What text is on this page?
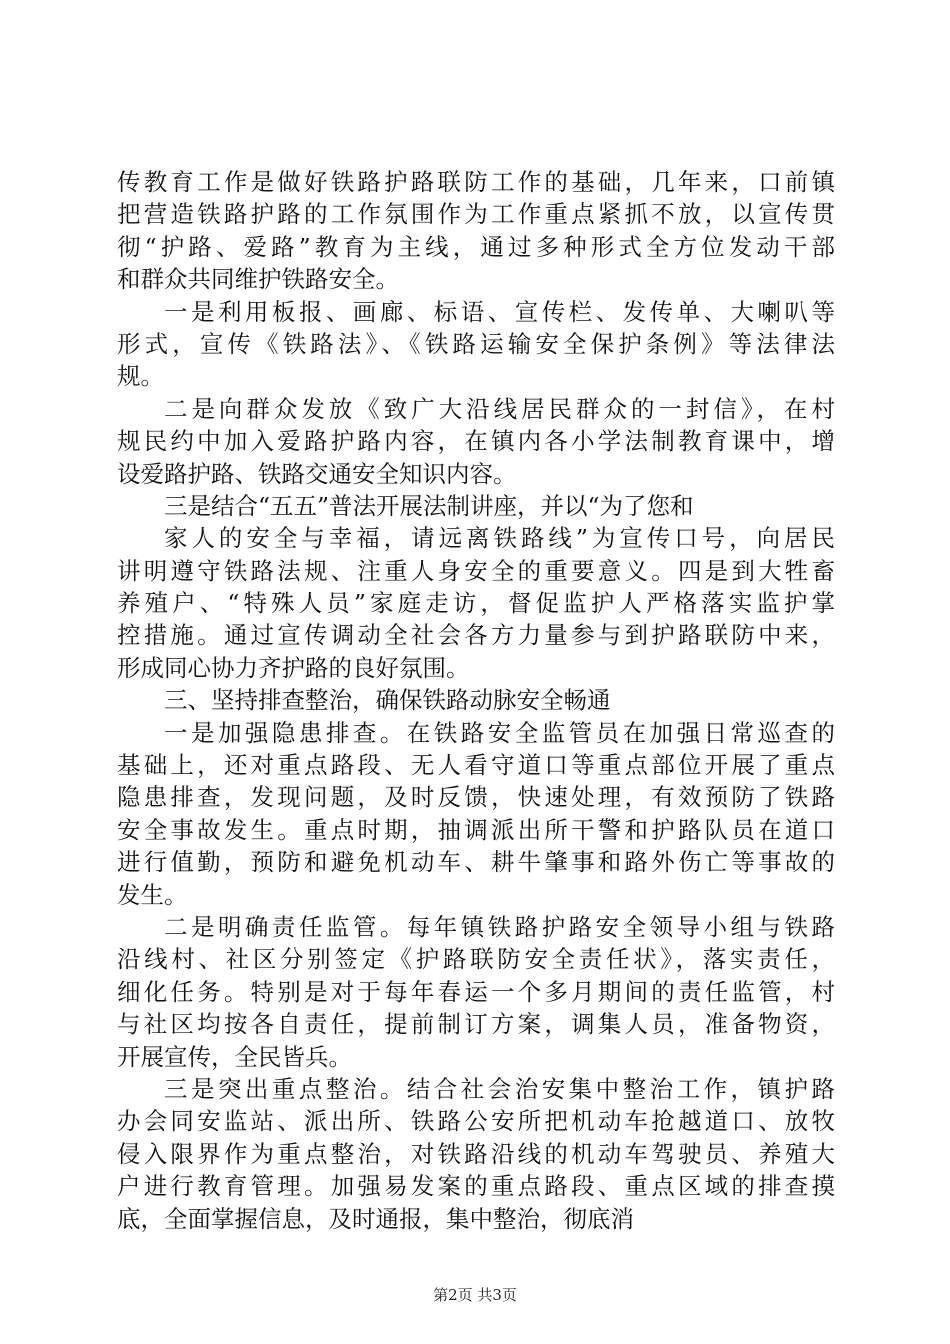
传教育工作是做好铁路护路联防工作的基础，几年来，口前镇
把营造铁路护路的工作氛围作为工作重点紧抓不放，以宣传贯
彻“护路、爱路”教育为主线，通过多种形式全方位发动干部
和群众共同维护铁路安全。
一是利用板报、画廊、标语、宣传栏、发传单、大喇叭等
形式，宣传《铁路法》、《铁路运输安全保护条例》等法律法
规。
二是向群众发放《致广大沿线居民群众的一封信》，在村
规民约中加入爱路护路内容，在镇内各小学法制教育课中，增
设爱路护路、铁路交通安全知识内容。
三是结合“五五”普法开展法制讲座，并以“为了您和
家人的安全与幸福，请远离铁路线”为宣传口号，向居民
讲明遵守铁路法规、注重人身安全的重要意义。四是到大牲畜
养殖户、“特殊人员”家庭走访，督促监护人严格落实监护掌
控措施。通过宣传调动全社会各方力量参与到护路联防中来，
形成同心协力齐护路的良好氛围。
三、坚持排查整治，确保铁路动脉安全畅通
一是加强隐患排查。在铁路安全监管员在加强日常巡查的
基础上，还对重点路段、无人看守道口等重点部位开展了重点
隐患排查，发现问题，及时反馈，快速处理，有效预防了铁路
安全事故发生。重点时期，抽调派出所干警和护路队员在道口
进行值勤，预防和避免机动车、耕牛肇事和路外伤亡等事故的
发生。
二是明确责任监管。每年镇铁路护路安全领导小组与铁路
沿线村、社区分别签定《护路联防安全责任状》，落实责任，
细化任务。特别是对于每年春运一个多月期间的责任监管，村
与社区均按各自责任，提前制订方案，调集人员，准备物资，
开展宣传，全民皆兵。
三是突出重点整治。结合社会治安集中整治工作，镇护路
办会同安监站、派出所、铁路公安所把机动车抢越道口、放牧
侵入限界作为重点整治，对铁路沿线的机动车驾驶员、养殖大
户进行教育管理。加强易发案的重点路段、重点区域的排查摸
底，全面掌握信息，及时通报，集中整治，彻底消
第2页 共3页
